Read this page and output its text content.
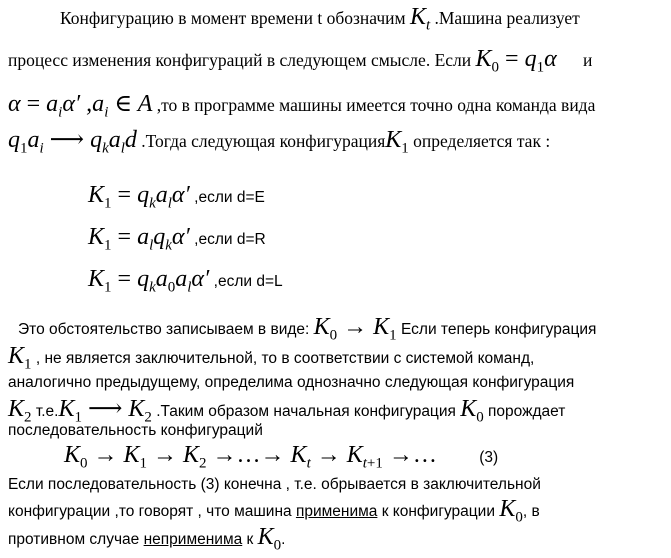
Конфигурацию в момент времени t обозначим $K_t$ .Машина реализует
процесс изменения конфигураций в следующем смысле. Если $K_0 = q_1\alpha$ и
$\alpha = a_i\alpha'$ $,a_i$ ∈ A ,то в программе машины имеется точно одна команда вида
$q_1a_i$ ⟶ $q_ka_ld$ .Тогда следующая конфигурацияK$_1$ определяется так :
$K_1 = q_ka_l\alpha'$ ,если d=E
$K_1 = a_lq_k\alpha'$ ,если d=R
$K_1 = q_ka_0a_l\alpha'$ ,если d=L
Это обстоятельство записываем в виде: $K_0 \to K_1$ Если теперь конфигурация
$K_1$ , не является заключительной, то в соответствии с системой команд,
аналогично предыдущему, определима однозначно следующая конфигурация
$K_2$ $т.е.K_1$ ⟶ $K_2$ .Таким образом начальная конфигурация $K_0$ порождает
последовательность конфигураций
$K_0 \to K_1 \to K_2$ →…→ $K_t \to K_{t+1}$ →…	(3)
Если последовательность (3) конечна , т.е. обрывается в заключительной
конфигурации ,то говорят , что машина применима к конфигурации $K_0$, в
противном случае неприменима к $K_0$.
